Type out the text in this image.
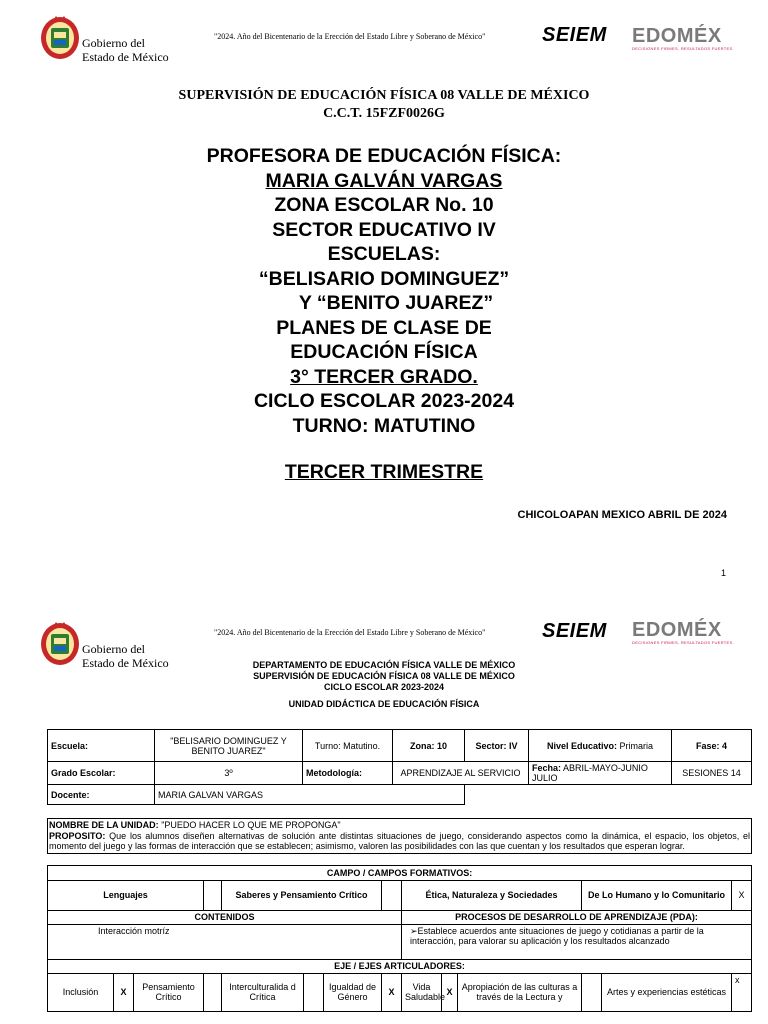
Gobierno del
Estado de México
"2024. Año del Bicentenario de la Erección del Estado Libre y Soberano de México"	SEIEM EDOMÉX
DECISIONES FIRMES, RESULTADOS FUERTES.
SUPERVISIÓN DE EDUCACIÓN FÍSICA 08 VALLE DE MÉXICO
C.C.T. 15FZF0026G
PROFESORA DE EDUCACIÓN FÍSICA:
MARIA GALVÁN VARGAS
ZONA ESCOLAR No. 10
SECTOR EDUCATIVO IV
ESCUELAS:
“BELISARIO DOMINGUEZ”
Y “BENITO JUAREZ”
PLANES DE CLASE DE
EDUCACIÓN FÍSICA
3° TERCER GRADO.
CICLO ESCOLAR 2023-2024
TURNO: MATUTINO
TERCER TRIMESTRE
CHICOLOAPAN MEXICO ABRIL DE 2024
1
Gobierno del
Estado de México
"2024. Año del Bicentenario de la Erección del Estado Libre y Soberano de México"	SEIEM EDOMÉX
DECISIONES FIRMES, RESULTADOS FUERTES.
DEPARTAMENTO DE EDUCACIÓN FÍSICA VALLE DE MÉXICO
SUPERVISIÓN DE EDUCACIÓN FÍSICA 08 VALLE DE MÉXICO
CICLO ESCOLAR 2023-2024
UNIDAD DIDÁCTICA DE EDUCACIÓN FÍSICA
Escuela:	"BELISARIO DOMINGUEZ Y BENITO JUAREZ"	Turno: Matutino.	Zona: 10	Sector: IV	Nivel Educativo: Primaria	Fase: 4
Grado Escolar:	3º	Metodología:	APRENDIZAJE AL SERVICIO		Fecha: ABRIL-MAYO-JUNIO JULIO	SESIONES 14
Docente:	MARIA GALVAN VARGAS					
NOMBRE DE LA UNIDAD: "PUEDO HACER LO QUE ME PROPONGA"
PROPOSITO: Que los alumnos diseñen alternativas de solución ante distintas situaciones de juego, considerando aspectos como la dinámica, el espacio, los objetos, el momento del juego y las formas de interacción que se establecen; asimismo, valoren las posibilidades con las que cuentan y los resultados que esperan lograr.													

CAMPO / CAMPOS FORMATIVOS:													
Lenguajes				Saberes y Pensamiento Crítico				Ética, Naturaleza y Sociedades			De Lo Humano y lo Comunitario		X
CONTENIDOS								PROCESOS DE DESARROLLO DE APRENDIZAJE (PDA):					
Interacción motríz								➢Establece acuerdos ante situaciones de juego y cotidianas a partir de la interacción, para valorar su aplicación y los resultados alcanzado					
EJE / EJES ARTICULADORES:													
Inclusión	X	Pensamiento Crítico		Interculturalida d Crítica		Igualdad de Género	X	Vida Saludable	X	Apropiación de las culturas a través de la Lectura y		Artes y experiencias estéticas	x
